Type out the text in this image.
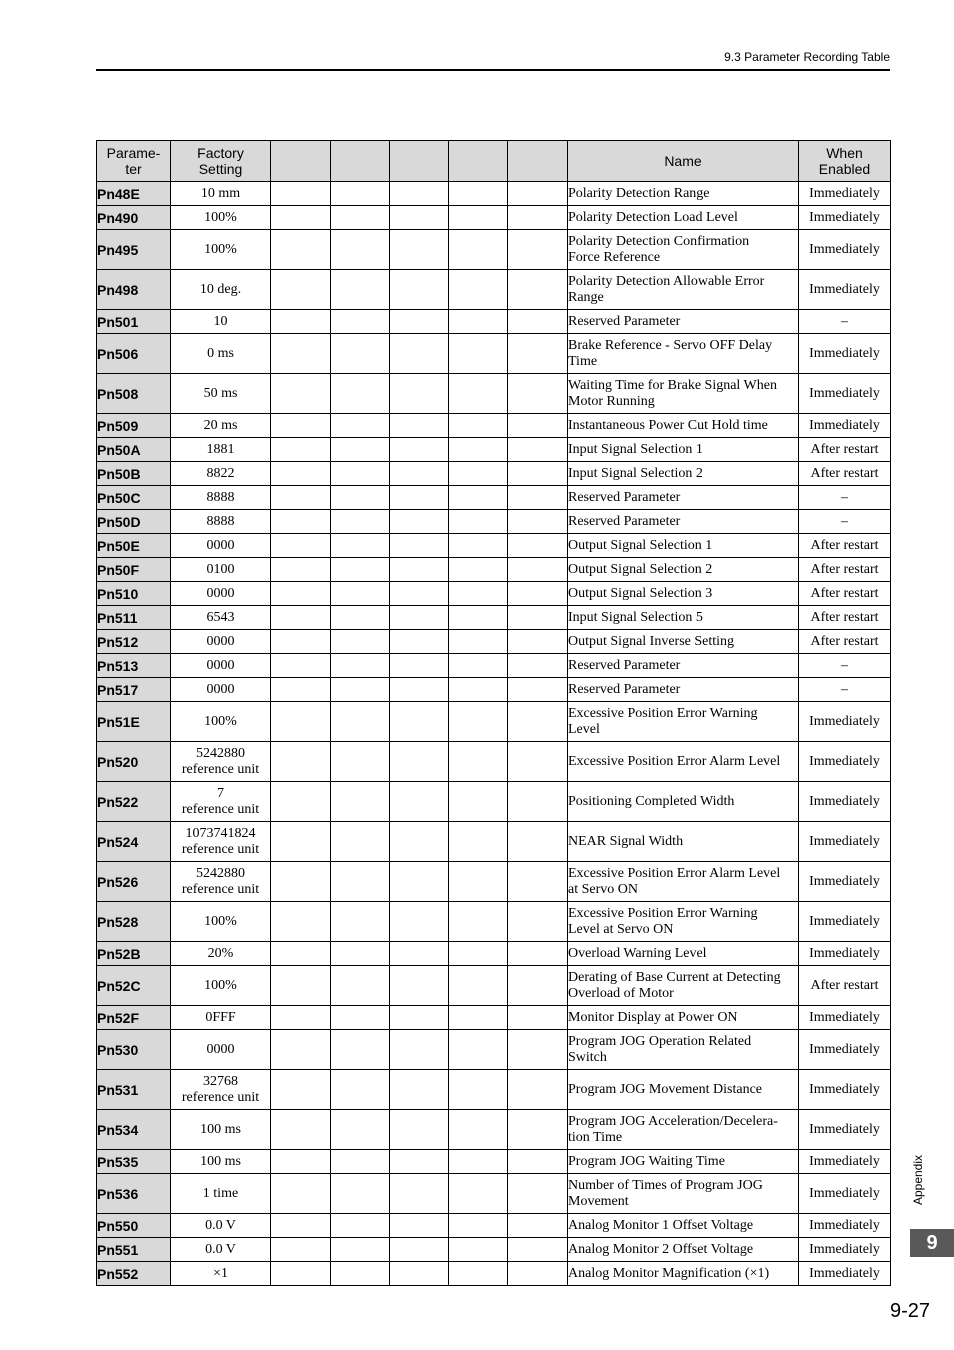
9.3 Parameter Recording Table
Parame-
ter	Factory
Setting						Name	When
Enabled
Pn48E	10 mm						Polarity Detection Range	Immediately
Pn490	100%						Polarity Detection Load Level	Immediately
Pn495	100%						Polarity Detection Confirmation
Force Reference	Immediately
Pn498	10 deg.						Polarity Detection Allowable Error
Range	Immediately
Pn501	10						Reserved Parameter	–
Pn506	0 ms						Brake Reference - Servo OFF Delay
Time	Immediately
Pn508	50 ms						Waiting Time for Brake Signal When
Motor Running	Immediately
Pn509	20 ms						Instantaneous Power Cut Hold time	Immediately
Pn50A	1881						Input Signal Selection 1	After restart
Pn50B	8822						Input Signal Selection 2	After restart
Pn50C	8888						Reserved Parameter	–
Pn50D	8888						Reserved Parameter	–
Pn50E	0000						Output Signal Selection 1	After restart
Pn50F	0100						Output Signal Selection 2	After restart
Pn510	0000						Output Signal Selection 3	After restart
Pn511	6543						Input Signal Selection 5	After restart
Pn512	0000						Output Signal Inverse Setting	After restart
Pn513	0000						Reserved Parameter	–
Pn517	0000						Reserved Parameter	–
Pn51E	100%						Excessive Position Error Warning
Level	Immediately
Pn520	5242880
reference unit						Excessive Position Error Alarm Level	Immediately
Pn522	7
reference unit						Positioning Completed Width	Immediately
Pn524	1073741824
reference unit						NEAR Signal Width	Immediately
Pn526	5242880
reference unit						Excessive Position Error Alarm Level
at Servo ON	Immediately
Pn528	100%						Excessive Position Error Warning
Level at Servo ON	Immediately
Pn52B	20%						Overload Warning Level	Immediately
Pn52C	100%						Derating of Base Current at Detecting
Overload of Motor	After restart
Pn52F	0FFF						Monitor Display at Power ON	Immediately
Pn530	0000						Program JOG Operation Related
Switch	Immediately
Pn531	32768
reference unit						Program JOG Movement Distance	Immediately
Pn534	100 ms						Program JOG Acceleration/Decelera-
tion Time	Immediately
Pn535	100 ms						Program JOG Waiting Time	Immediately
Pn536	1 time						Number of Times of Program JOG
Movement	Immediately
Pn550	0.0 V						Analog Monitor 1 Offset Voltage	Immediately
Pn551	0.0 V						Analog Monitor 2 Offset Voltage	Immediately
Pn552	×1						Analog Monitor Magnification (×1)	Immediately
Appendix
9
9-27
